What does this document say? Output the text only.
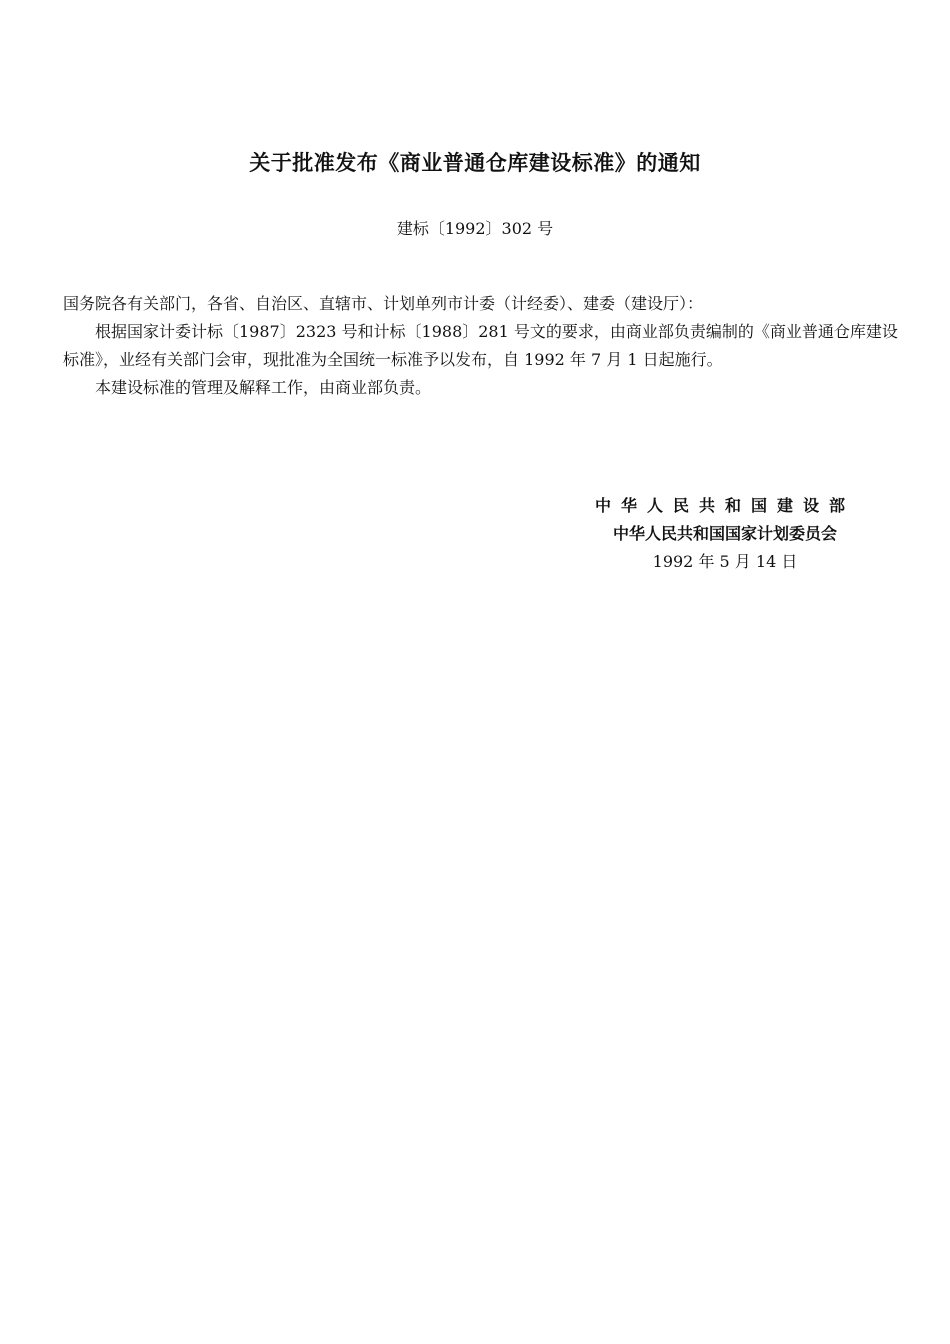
关于批准发布《商业普通仓库建设标准》的通知
建标〔1992〕302 号

国务院各有关部门，各省、自治区、直辖市、计划单列市计委（计经委）、建委（建设厅）：

根据国家计委计标〔1987〕2323 号和计标〔1988〕281 号文的要求，由商业部负责编制的《商业普通仓库建设标准》，业经有关部门会审，现批准为全国统一标准予以发布，自 1992 年 7 月 1 日起施行。

本建设标准的管理及解释工作，由商业部负责。

中华人民共和国建设部
中华人民共和国国家计划委员会
1992 年 5 月 14 日
